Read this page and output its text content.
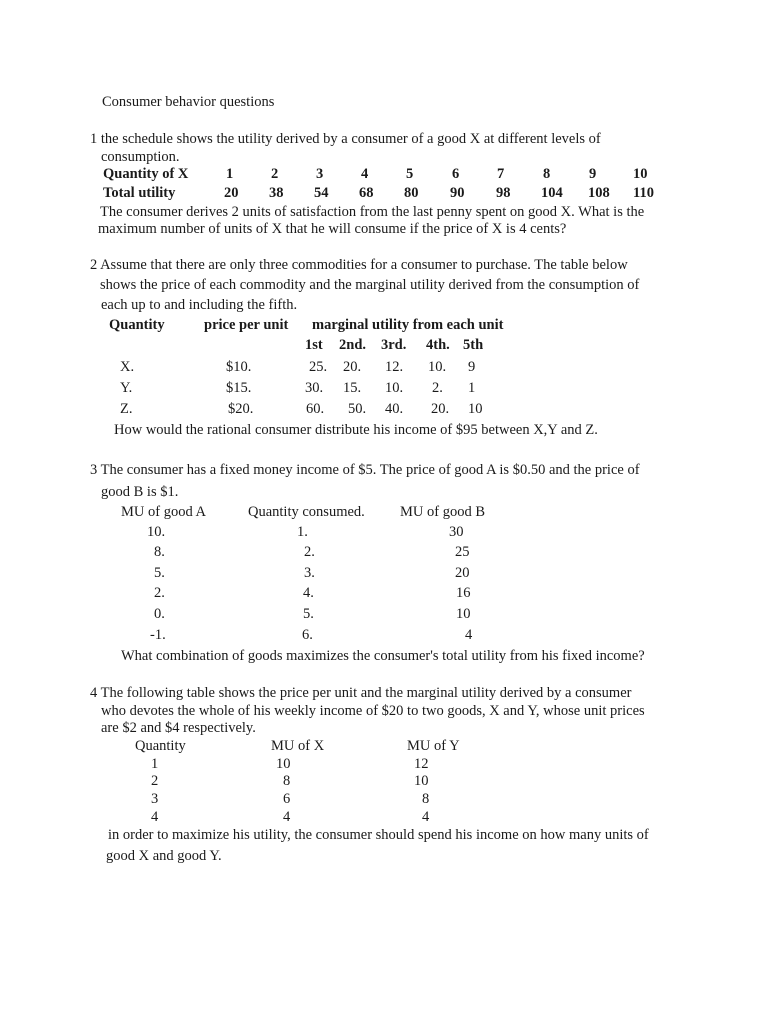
Consumer behavior questions
1 the schedule shows the utility derived by a consumer of a good X at different levels of
consumption.
Quantity of X	1	2	3	4	5	6	7	8	9	10
Total utility	20 38 54 68 80 90 98 104 108 110
The consumer derives 2 units of satisfaction from the last penny spent on good X. What is the
maximum number of units of X that he will consume if the price of X is 4 cents?
2 Assume that there are only three commodities for a consumer to purchase. The table below
shows the price of each commodity and the marginal utility derived from the consumption of
each up to and including the fifth.
Quantity	price per unit marginal utility from each unit
1st 2nd. 3rd. 4th. 5th
X.	$10.	25. 20. 12. 10. 9
Y.	$15.	30. 15. 10. 2. 1
Z.	$20.	60. 50. 40. 20. 10
How would the rational consumer distribute his income of $95 between X,Y and Z.
3 The consumer has a fixed money income of $5. The price of good A is $0.50 and the price of
good B is $1.
MU of good A	Quantity consumed. MU of good B
10.	1.	30
8.	2.	25
5.	3.	20
2.	4.	16
0.	5.	10
-1.	6.	4
What combination of goods maximizes the consumer's total utility from his fixed income?
4 The following table shows the price per unit and the marginal utility derived by a consumer
who devotes the whole of his weekly income of $20 to two goods, X and Y, whose unit prices
are $2 and $4 respectively.
Quantity	MU of X	MU of Y
1	10	12
2	8	10
3	6	8
4	4	4
in order to maximize his utility, the consumer should spend his income on how many units of
good X and good Y.
